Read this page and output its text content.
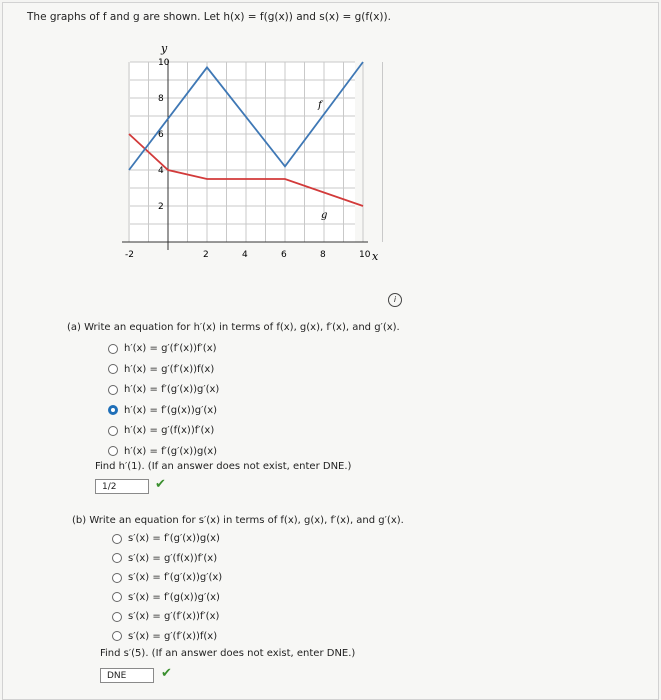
The graphs of f and g are shown. Let h(x) = f(g(x)) and s(x) = g(f(x)).
y
x
f
g
-2	2	4	6	8	10
2
4
6
8
10
i
(a) Write an equation for h′(x) in terms of f(x), g(x), f′(x), and g′(x).
h′(x) = g′(f′(x))f′(x)
h′(x) = g′(f′(x))f(x)
h′(x) = f′(g′(x))g′(x)
h′(x) = f′(g(x))g′(x)
h′(x) = g′(f(x))f′(x)
h′(x) = f′(g′(x))g(x)
Find h′(1). (If an answer does not exist, enter DNE.)
1/2	✔
(b) Write an equation for s′(x) in terms of f(x), g(x), f′(x), and g′(x).
s′(x) = f′(g′(x))g(x)
s′(x) = g′(f(x))f′(x)
s′(x) = f′(g′(x))g′(x)
s′(x) = f′(g(x))g′(x)
s′(x) = g′(f′(x))f′(x)
s′(x) = g′(f′(x))f(x)
Find s′(5). (If an answer does not exist, enter DNE.)
DNE	✔
